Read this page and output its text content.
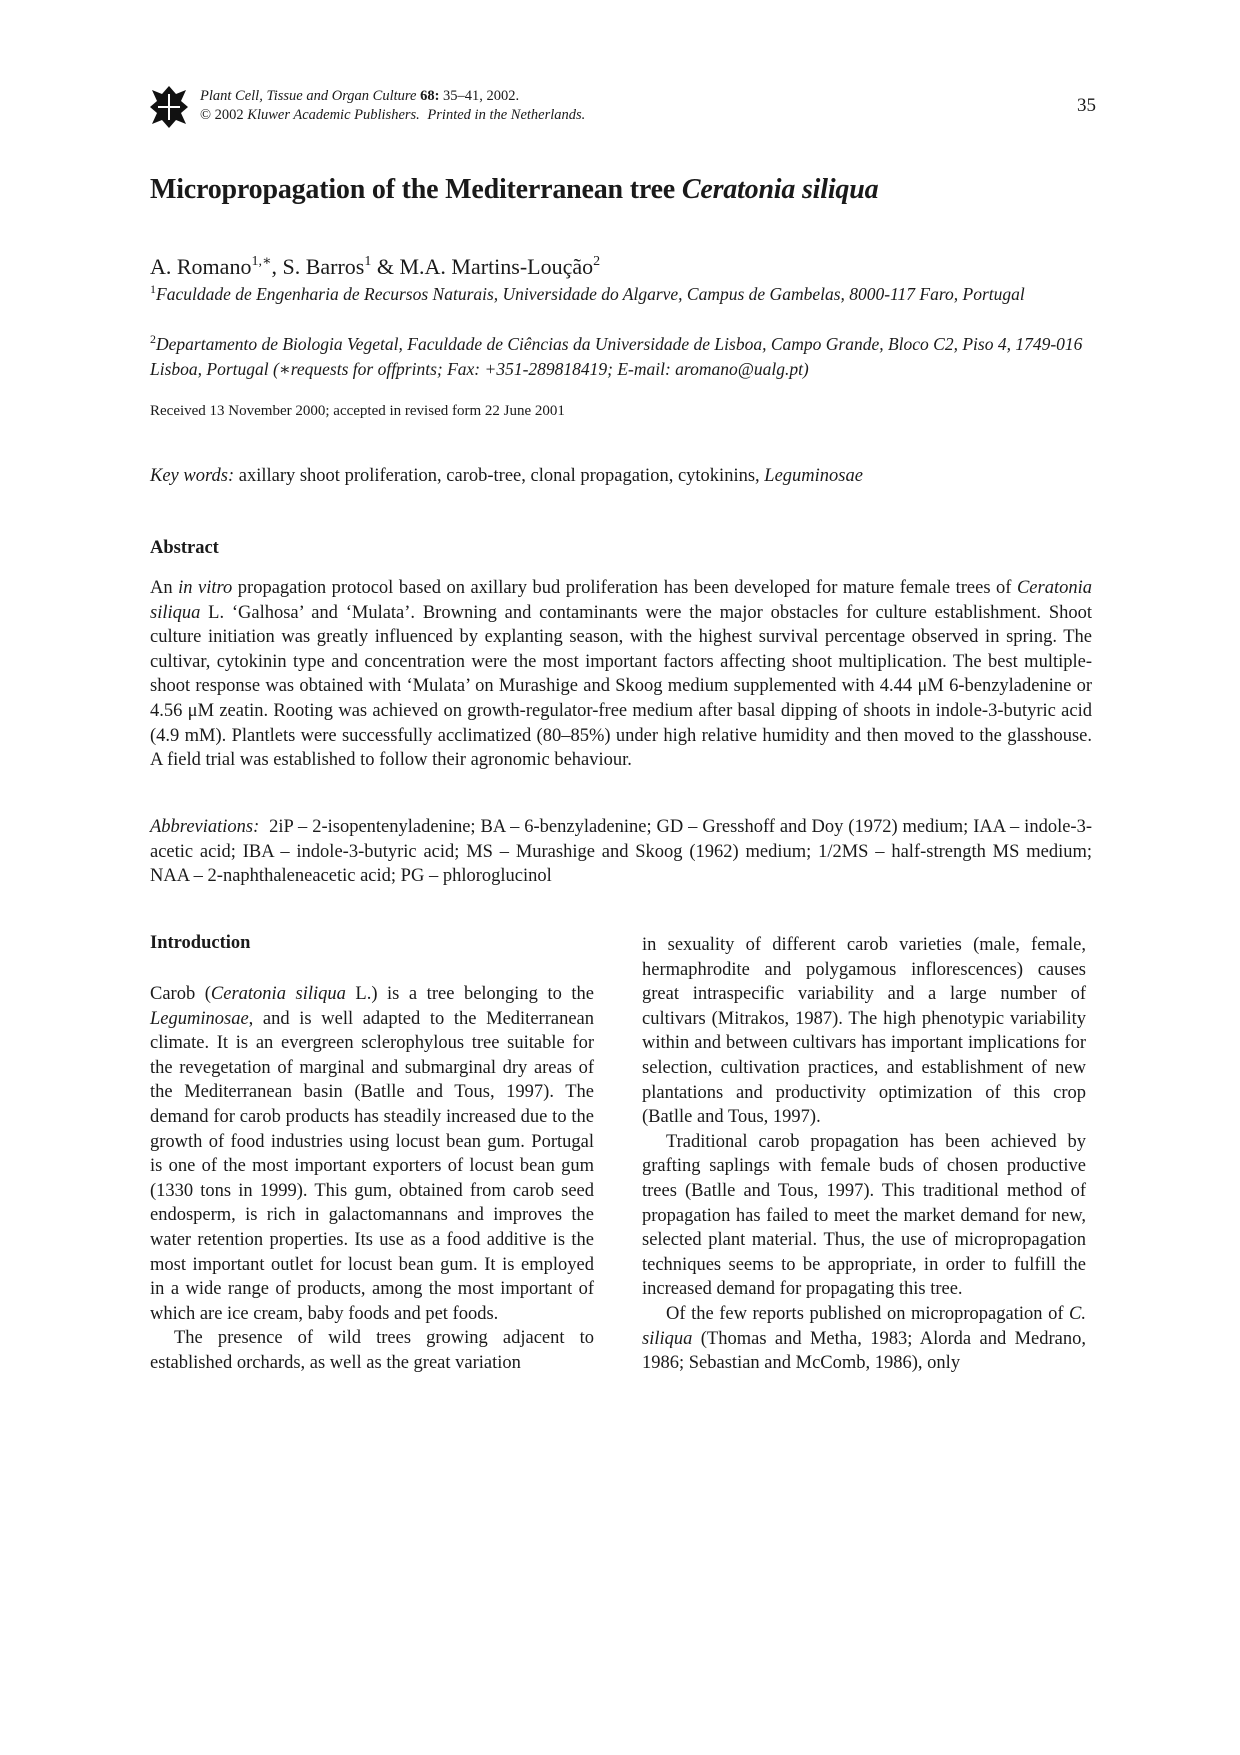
Plant Cell, Tissue and Organ Culture 68: 35–41, 2002.
© 2002 Kluwer Academic Publishers. Printed in the Netherlands.	35
Micropropagation of the Mediterranean tree Ceratonia siliqua
A. Romano$^{1,∗}$, S. Barros$^1$ & M.A. Martins-Loução$^2$
$^1$Faculdade de Engenharia de Recursos Naturais, Universidade do Algarve, Campus de Gambelas, 8000-117 Faro, Portugal
$^2$Departamento de Biologia Vegetal, Faculdade de Ciências da Universidade de Lisboa, Campo Grande, Bloco C2, Piso 4, 1749-016 Lisboa, Portugal (∗requests for offprints; Fax: +351-289818419; E-mail: aromano@ualg.pt)
Received 13 November 2000; accepted in revised form 22 June 2001
Key words: axillary shoot proliferation, carob-tree, clonal propagation, cytokinins, Leguminosae
Abstract
An in vitro propagation protocol based on axillary bud proliferation has been developed for mature female trees of Ceratonia siliqua L. ‘Galhosa’ and ‘Mulata’. Browning and contaminants were the major obstacles for culture establishment. Shoot culture initiation was greatly influenced by explanting season, with the highest survival percentage observed in spring. The cultivar, cytokinin type and concentration were the most important factors affecting shoot multiplication. The best multiple-shoot response was obtained with ‘Mulata’ on Murashige and Skoog medium supplemented with 4.44 μM 6-benzyladenine or 4.56 μM zeatin. Rooting was achieved on growth-regulator-free medium after basal dipping of shoots in indole-3-butyric acid (4.9 mM). Plantlets were successfully acclimatized (80–85%) under high relative humidity and then moved to the glasshouse. A field trial was established to follow their agronomic behaviour.
Abbreviations: 2iP – 2-isopentenyladenine; BA – 6-benzyladenine; GD – Gresshoff and Doy (1972) medium; IAA – indole-3-acetic acid; IBA – indole-3-butyric acid; MS – Murashige and Skoog (1962) medium; 1/2MS – half-strength MS medium; NAA – 2-naphthaleneacetic acid; PG – phloroglucinol
Introduction

Carob (Ceratonia siliqua L.) is a tree belonging to the Leguminosae, and is well adapted to the Mediterranean climate. It is an evergreen sclerophylous tree suitable for the revegetation of marginal and submarginal dry areas of the Mediterranean basin (Batlle and Tous, 1997). The demand for carob products has steadily increased due to the growth of food industries using locust bean gum. Portugal is one of the most important exporters of locust bean gum (1330 tons in 1999). This gum, obtained from carob seed endosperm, is rich in galactomannans and improves the water retention properties. Its use as a food additive is the most important outlet for locust bean gum. It is employed in a wide range of products, among the most important of which are ice cream, baby foods and pet foods.

The presence of wild trees growing adjacent to established orchards, as well as the great variation

in sexuality of different carob varieties (male, female, hermaphrodite and polygamous inflorescences) causes great intraspecific variability and a large number of cultivars (Mitrakos, 1987). The high phenotypic variability within and between cultivars has important implications for selection, cultivation practices, and establishment of new plantations and productivity optimization of this crop (Batlle and Tous, 1997).

Traditional carob propagation has been achieved by grafting saplings with female buds of chosen productive trees (Batlle and Tous, 1997). This traditional method of propagation has failed to meet the market demand for new, selected plant material. Thus, the use of micropropagation techniques seems to be appropriate, in order to fulfill the increased demand for propagating this tree.

Of the few reports published on micropropagation of C. siliqua (Thomas and Metha, 1983; Alorda and Medrano, 1986; Sebastian and McComb, 1986), only
